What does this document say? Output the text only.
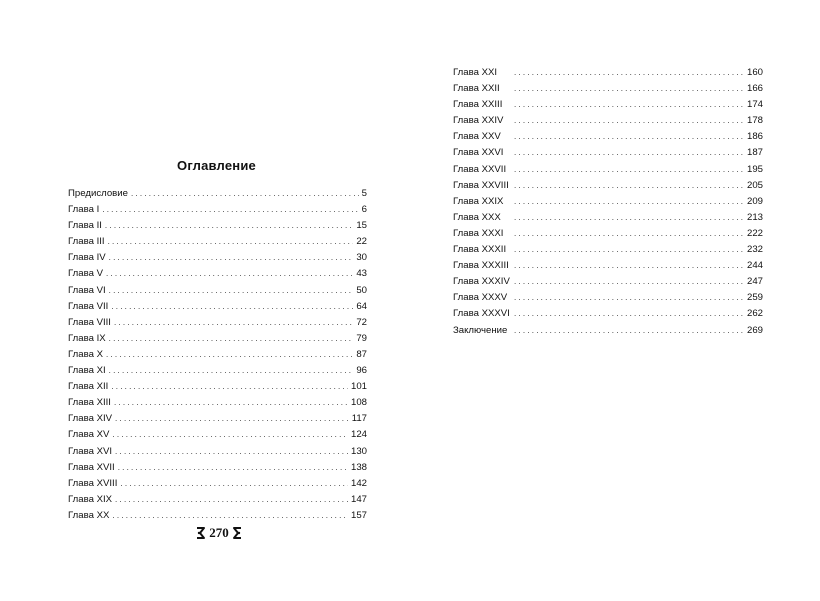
Оглавление
Предисловие . . .	5
Глава I . . .	6
Глава II . . .	15
Глава III . . .	22
Глава IV . . .	30
Глава V . . .	43
Глава VI . . .	50
Глава VII . . .	64
Глава VIII . . .	72
Глава IX . . .	79
Глава X . . .	87
Глава XI . . .	96
Глава XII . . .	101
Глава XIII . . .	108
Глава XIV . . .	117
Глава XV . . .	124
Глава XVI . . .	130
Глава XVII . . .	138
Глава XVIII . . .	142
Глава XIX . . .	147
Глава XX . . .	157
270
Глава XXI . . .	160
Глава XXII . . .	166
Глава XXIII . . .	174
Глава XXIV . . .	178
Глава XXV . . .	186
Глава XXVI . . .	187
Глава XXVII . . .	195
Глава XXVIII . . .	205
Глава XXIX . . .	209
Глава XXX . . .	213
Глава XXXI . . .	222
Глава XXXII . . .	232
Глава XXXIII . . .	244
Глава XXXIV . . .	247
Глава XXXV . . .	259
Глава XXXVI . . .	262
Заключение . . .	269
